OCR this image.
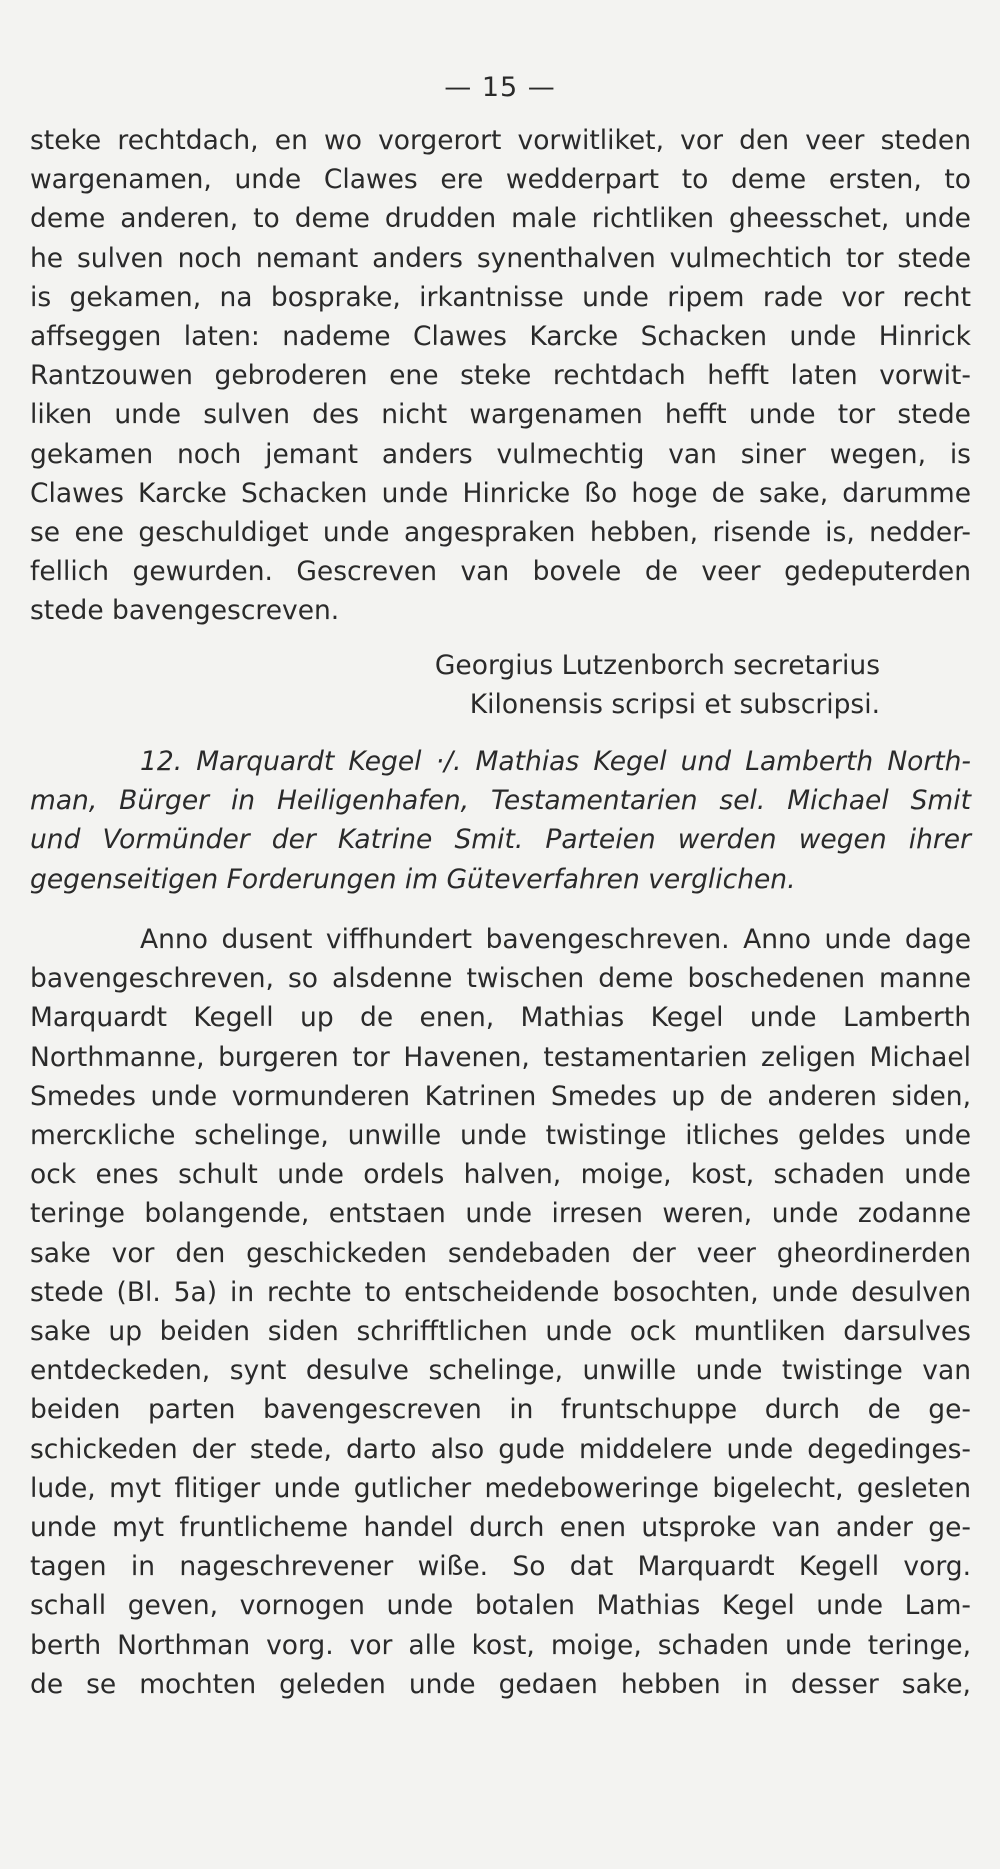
— 15 —
steke rechtdach, en wo vorgerort vorwitliket, vor den veer steden
wargenamen, unde Clawes ere wedderpart to deme ersten, to
deme anderen, to deme drudden male richtliken gheesschet, unde
he sulven noch nemant anders synenthalven vulmechtich tor stede
is gekamen, na bosprake, irkantnisse unde ripem rade vor recht
affseggen laten: nademe Clawes Karcke Schacken unde Hinrick
Rantzouwen gebroderen ene steke rechtdach hefft laten vorwit-
liken unde sulven des nicht wargenamen hefft unde tor stede
gekamen noch jemant anders vulmechtig van siner wegen, is
Clawes Karcke Schacken unde Hinricke ßo hoge de sake, darumme
se ene geschuldiget unde angespraken hebben, risende is, nedder-
fellich gewurden. Gescreven van bovele de veer gedeputerden
stede bavengescreven.
Georgius Lutzenborch secretarius
Kilonensis scripsi et subscripsi.
12. Marquardt Kegel ·/. Mathias Kegel und Lamberth North-
man, Bürger in Heiligenhafen, Testamentarien sel. Michael Smit
und Vormünder der Katrine Smit. Parteien werden wegen ihrer
gegenseitigen Forderungen im Güteverfahren verglichen.
Anno dusent viffhundert bavengeschreven. Anno unde dage
bavengeschreven, so alsdenne twischen deme boschedenen manne
Marquardt Kegell up de enen, Mathias Kegel unde Lamberth
Northmanne, burgeren tor Havenen, testamentarien zeligen Michael
Smedes unde vormunderen Katrinen Smedes up de anderen siden,
mercкliche schelinge, unwille unde twistinge itliches geldes unde
ock enes schult unde ordels halven, moige, kost, schaden unde
teringe bolangende, entstaen unde irresen weren, unde zodanne
sake vor den geschickeden sendebaden der veer gheordinerden
stede (Bl. 5a) in rechte to entscheidende bosochten, unde desulven
sake up beiden siden schrifftlichen unde ock muntliken darsulves
entdeckeden, synt desulve schelinge, unwille unde twistinge van
beiden parten bavengescreven in fruntschuppe durch de ge-
schickeden der stede, darto also gude middelere unde degedinges-
lude, myt flitiger unde gutlicher medeboweringe bigelecht, gesleten
unde myt fruntlicheme handel durch enen utsproke van ander ge-
tagen in nageschrevener wiße. So dat Marquardt Kegell vorg.
schall geven, vornogen unde botalen Mathias Kegel unde Lam-
berth Northman vorg. vor alle kost, moige, schaden unde teringe,
de se mochten geleden unde gedaen hebben in desser sake,
